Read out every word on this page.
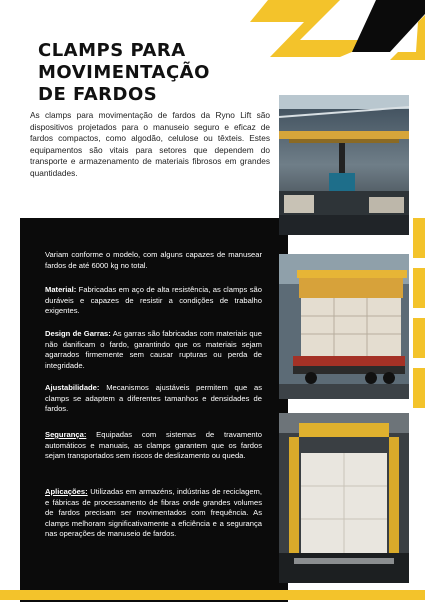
CLAMPS PARA
MOVIMENTAÇÃO
DE FARDOS

As clamps para movimentação de fardos da Ryno Lift são dispositivos projetados para o manuseio seguro e eficaz de fardos compactos, como algodão, celulose ou têxteis. Estes equipamentos são vitais para setores que dependem do transporte e armazenamento de materiais fibrosos em grandes quantidades.

Variam conforme o modelo, com alguns capazes de manusear fardos de até 6000 kg no total.

Material: Fabricadas em aço de alta resistência, as clamps são duráveis e capazes de resistir a condições de trabalho exigentes.

Design de Garras: As garras são fabricadas com materiais que não danificam o fardo, garantindo que os materiais sejam agarrados firmemente sem causar rupturas ou perda de integridade.

Ajustabilidade: Mecanismos ajustáveis permitem que as clamps se adaptem a diferentes tamanhos e densidades de fardos.

Segurança: Equipadas com sistemas de travamento automáticos e manuais, as clamps garantem que os fardos sejam transportados sem riscos de deslizamento ou queda.

Aplicações: Utilizadas em armazéns, indústrias de reciclagem, e fábricas de processamento de fibras onde grandes volumes de fardos precisam ser movimentados com frequência. As clamps melhoram significativamente a eficiência e a segurança nas operações de manuseio de fardos.
